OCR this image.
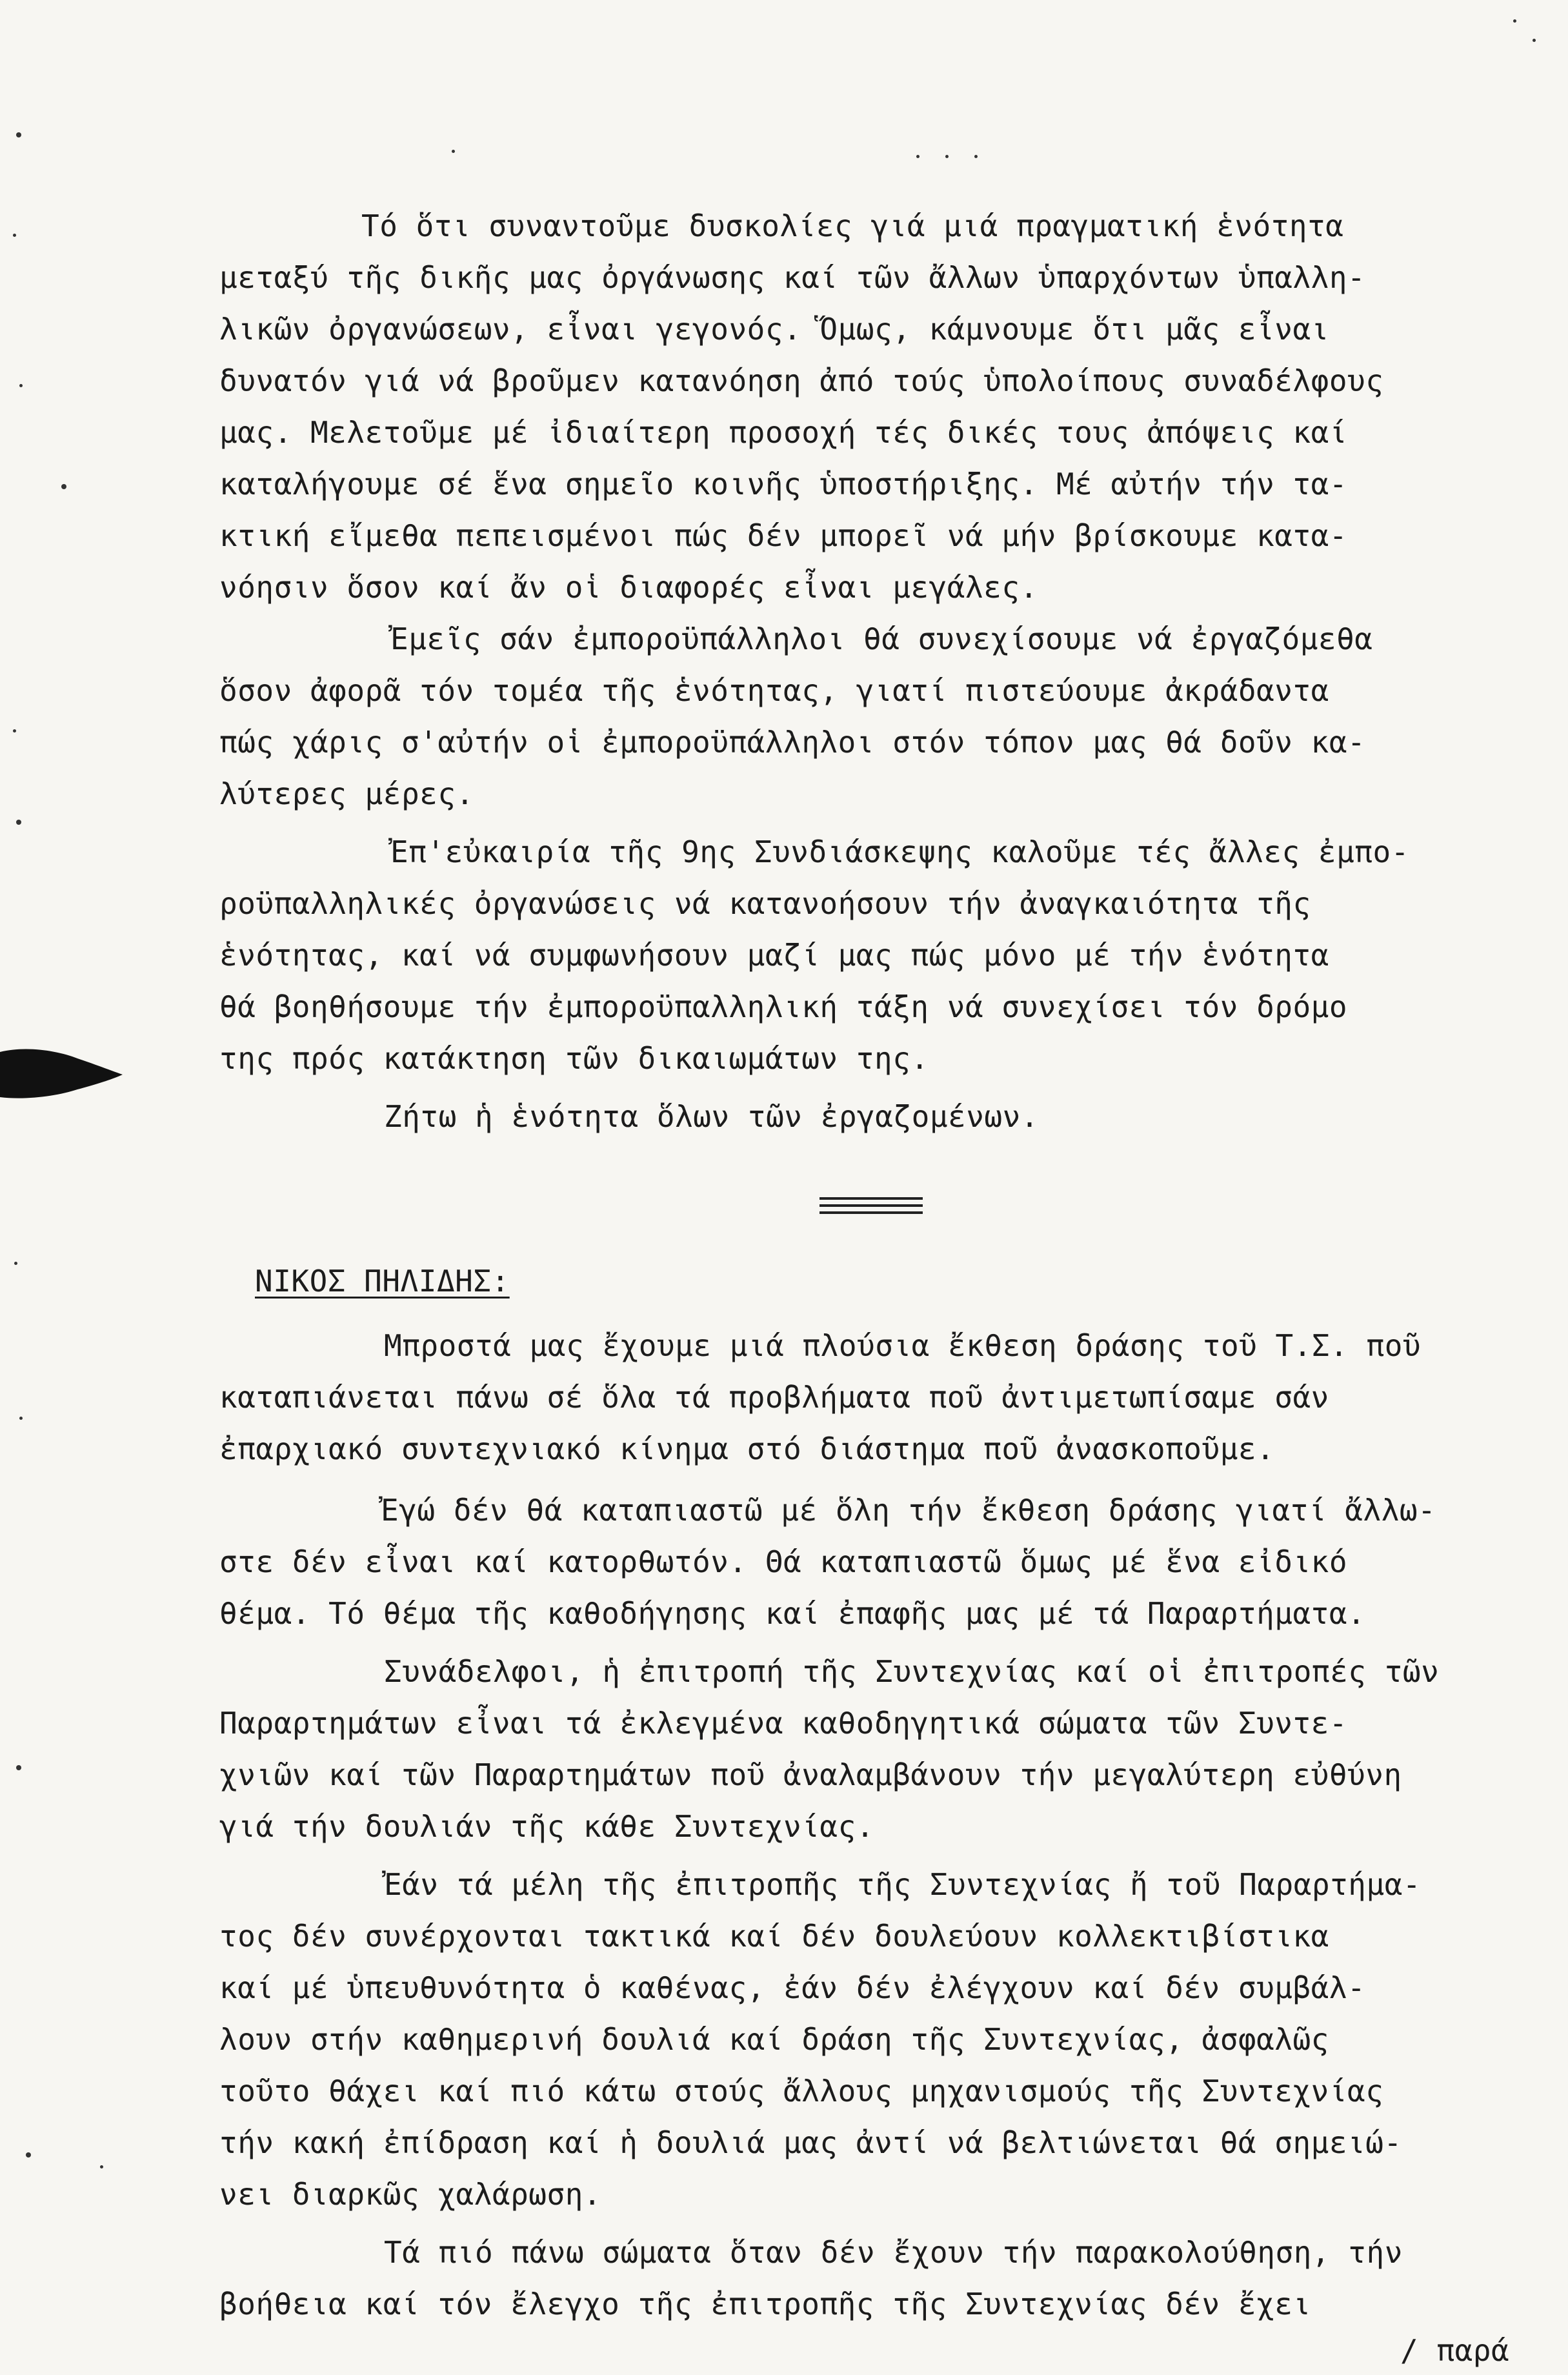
Τό ὅτι συναντοῦμε δυσκολίες γιά μιά πραγματική ἑνότητα
μεταξύ τῆς δικῆς μας ὀργάνωσης καί τῶν ἄλλων ὑπαρχόντων ὑπαλλη-
λικῶν ὀργανώσεων, εἶναι γεγονός. Ὅμως, κάμνουμε ὅτι μᾶς εἶναι
δυνατόν γιά νά βροῦμεν κατανόηση ἀπό τούς ὑπολοίπους συναδέλφους
μας. Μελετοῦμε μέ ἰδιαίτερη προσοχή τές δικές τους ἀπόψεις καί
καταλήγουμε σέ ἕνα σημεῖο κοινῆς ὑποστήριξης. Μέ αὐτήν τήν τα-
κτική εἴμεθα πεπεισμένοι πώς δέν μπορεῖ νά μήν βρίσκουμε κατα-
νόησιν ὅσον καί ἄν οἱ διαφορές εἶναι μεγάλες.
Ἐμεῖς σάν ἐμποροϋπάλληλοι θά συνεχίσουμε νά ἐργαζόμεθα
ὅσον ἀφορᾶ τόν τομέα τῆς ἑνότητας, γιατί πιστεύουμε ἀκράδαντα
πώς χάρις σ'αὐτήν οἱ ἐμποροϋπάλληλοι στόν τόπον μας θά δοῦν κα-
λύτερες μέρες.
Ἐπ'εὐκαιρία τῆς 9ης Συνδιάσκεψης καλοῦμε τές ἄλλες ἐμπο-
ροϋπαλληλικές ὀργανώσεις νά κατανοήσουν τήν ἀναγκαιότητα τῆς
ἑνότητας, καί νά συμφωνήσουν μαζί μας πώς μόνο μέ τήν ἑνότητα
θά βοηθήσουμε τήν ἐμποροϋπαλληλική τάξη νά συνεχίσει τόν δρόμο
της πρός κατάκτηση τῶν δικαιωμάτων της.
Ζήτω ἡ ἑνότητα ὅλων τῶν ἐργαζομένων.
ΝΙΚΟΣ ΠΗΛΙΔΗΣ:
Μπροστά μας ἔχουμε μιά πλούσια ἔκθεση δράσης τοῦ Τ.Σ. ποῦ
καταπιάνεται πάνω σέ ὅλα τά προβλήματα ποῦ ἀντιμετωπίσαμε σάν
ἐπαρχιακό συντεχνιακό κίνημα στό διάστημα ποῦ ἀνασκοποῦμε.
Ἐγώ δέν θά καταπιαστῶ μέ ὅλη τήν ἔκθεση δράσης γιατί ἄλλω-
στε δέν εἶναι καί κατορθωτόν. Θά καταπιαστῶ ὅμως μέ ἕνα εἰδικό
θέμα. Τό θέμα τῆς καθοδήγησης καί ἐπαφῆς μας μέ τά Παραρτήματα.
Συνάδελφοι, ἡ ἐπιτροπή τῆς Συντεχνίας καί οἱ ἐπιτροπές τῶν
Παραρτημάτων εἶναι τά ἐκλεγμένα καθοδηγητικά σώματα τῶν Συντε-
χνιῶν καί τῶν Παραρτημάτων ποῦ ἀναλαμβάνουν τήν μεγαλύτερη εὐθύνη
γιά τήν δουλιάν τῆς κάθε Συντεχνίας.
Ἐάν τά μέλη τῆς ἐπιτροπῆς τῆς Συντεχνίας ἤ τοῦ Παραρτήμα-
τος δέν συνέρχονται τακτικά καί δέν δουλεύουν κολλεκτιβίστικα
καί μέ ὑπευθυνότητα ὁ καθένας, ἐάν δέν ἐλέγχουν καί δέν συμβάλ-
λουν στήν καθημερινή δουλιά καί δράση τῆς Συντεχνίας, ἀσφαλῶς
τοῦτο θάχει καί πιό κάτω στούς ἄλλους μηχανισμούς τῆς Συντεχνίας
τήν κακή ἐπίδραση καί ἡ δουλιά μας ἀντί νά βελτιώνεται θά σημειώ-
νει διαρκῶς χαλάρωση.
Τά πιό πάνω σώματα ὅταν δέν ἔχουν τήν παρακολούθηση, τήν
βοήθεια καί τόν ἔλεγχο τῆς ἐπιτροπῆς τῆς Συντεχνίας δέν ἔχει
/ παρά
